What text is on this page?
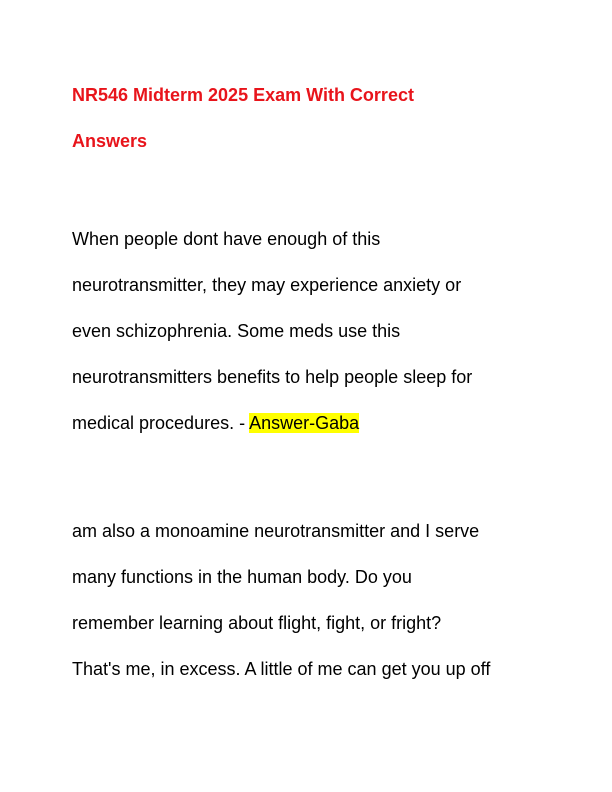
NR546 Midterm 2025 Exam With Correct
Answers

When people dont have enough of this
neurotransmitter, they may experience anxiety or
even schizophrenia. Some meds use this
neurotransmitters benefits to help people sleep for
medical procedures. - Answer-Gaba

am also a monoamine neurotransmitter and I serve
many functions in the human body. Do you
remember learning about flight, fight, or fright?
That's me, in excess. A little of me can get you up off
